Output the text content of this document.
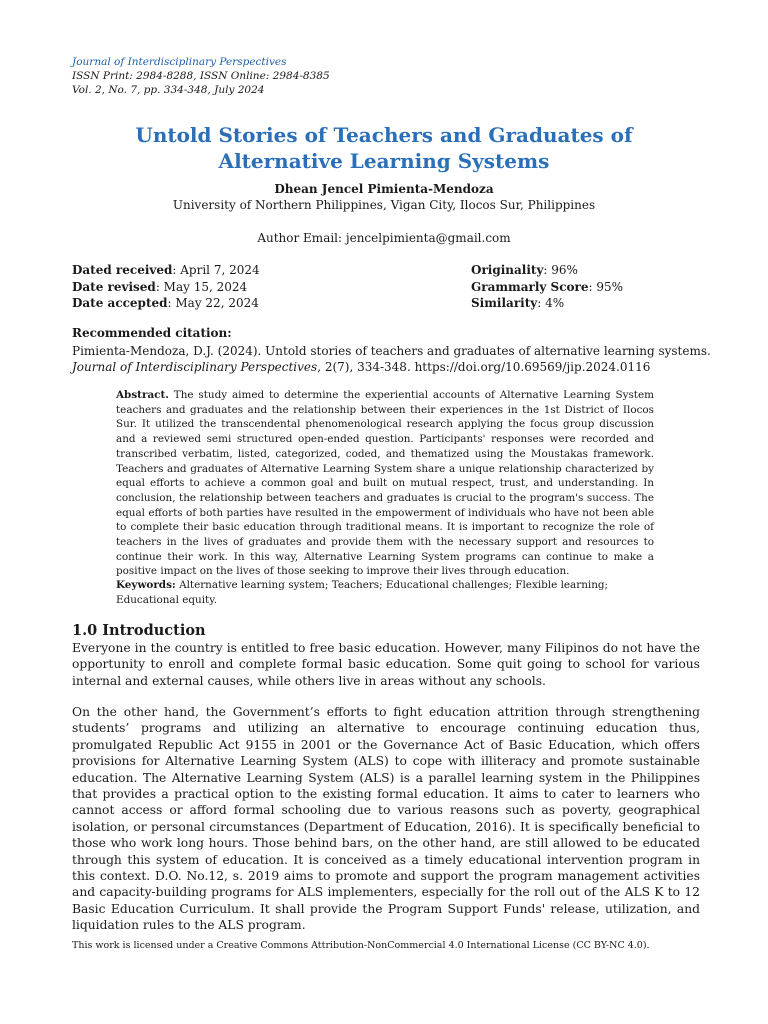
Journal of Interdisciplinary Perspectives
ISSN Print: 2984-8288, ISSN Online: 2984-8385
Vol. 2, No. 7, pp. 334-348, July 2024
Untold Stories of Teachers and Graduates of
Alternative Learning Systems
Dhean Jencel Pimienta-Mendoza
University of Northern Philippines, Vigan City, Ilocos Sur, Philippines
Author Email: jencelpimienta@gmail.com
Dated received: April 7, 2024
Date revised: May 15, 2024
Date accepted: May 22, 2024
Originality: 96%
Grammarly Score: 95%
Similarity: 4%
Recommended citation:
Pimienta-Mendoza, D.J. (2024). Untold stories of teachers and graduates of alternative learning systems.
Journal of Interdisciplinary Perspectives, 2(7), 334-348. https://doi.org/10.69569/jip.2024.0116
Abstract. The study aimed to determine the experiential accounts of Alternative Learning System teachers and graduates and the relationship between their experiences in the 1st District of Ilocos Sur. It utilized the transcendental phenomenological research applying the focus group discussion and a reviewed semi structured open-ended question. Participants' responses were recorded and transcribed verbatim, listed, categorized, coded, and thematized using the Moustakas framework. Teachers and graduates of Alternative Learning System share a unique relationship characterized by equal efforts to achieve a common goal and built on mutual respect, trust, and understanding. In conclusion, the relationship between teachers and graduates is crucial to the program's success. The equal efforts of both parties have resulted in the empowerment of individuals who have not been able to complete their basic education through traditional means. It is important to recognize the role of teachers in the lives of graduates and provide them with the necessary support and resources to continue their work. In this way, Alternative Learning System programs can continue to make a positive impact on the lives of those seeking to improve their lives through education.
Keywords: Alternative learning system; Teachers; Educational challenges; Flexible learning; Educational equity.
1.0 Introduction
Everyone in the country is entitled to free basic education. However, many Filipinos do not have the opportunity to enroll and complete formal basic education. Some quit going to school for various internal and external causes, while others live in areas without any schools.
On the other hand, the Government’s efforts to fight education attrition through strengthening students’ programs and utilizing an alternative to encourage continuing education thus, promulgated Republic Act 9155 in 2001 or the Governance Act of Basic Education, which offers provisions for Alternative Learning System (ALS) to cope with illiteracy and promote sustainable education. The Alternative Learning System (ALS) is a parallel learning system in the Philippines that provides a practical option to the existing formal education. It aims to cater to learners who cannot access or afford formal schooling due to various reasons such as poverty, geographical isolation, or personal circumstances (Department of Education, 2016). It is specifically beneficial to those who work long hours. Those behind bars, on the other hand, are still allowed to be educated through this system of education. It is conceived as a timely educational intervention program in this context. D.O. No.12, s. 2019 aims to promote and support the program management activities and capacity-building programs for ALS implementers, especially for the roll out of the ALS K to 12 Basic Education Curriculum. It shall provide the Program Support Funds' release, utilization, and liquidation rules to the ALS program.
This work is licensed under a Creative Commons Attribution-NonCommercial 4.0 International License (CC BY-NC 4.0).
